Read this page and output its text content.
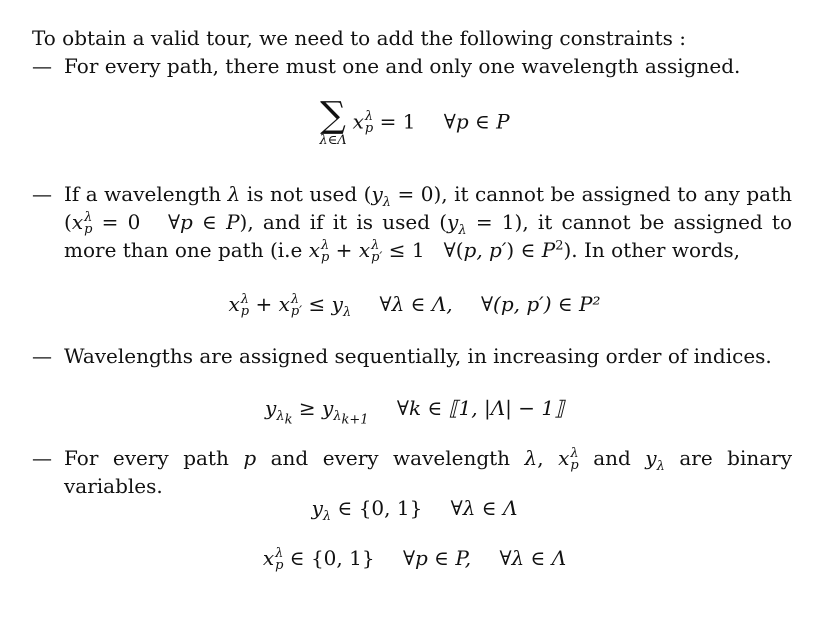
To obtain a valid tour, we need to add the following constraints :
— For every path, there must one and only one wavelength assigned.
∑
λ∈Λ
x λ
p = 1 ∀p ∈ P
— If a wavelength λ is not used $(y_\lambda = 0)$, it cannot be assigned to any path (x λ
p = 0   ∀p ∈ P), and if it is used $(y_\lambda = 1)$, it cannot be assigned to more than one path (i.e x λ
p + x λ
p′ ≤ 1   ∀(p, p′) ∈ $P^2$). In other words,
x λ
p + x λ
$p' \le y_\lambda$ ∀λ ∈ Λ, ∀(p, p′) ∈ P²
— Wavelengths are assigned sequentially, in increasing order of indices.
$y_{\lambda_k} \ge y_{\lambda_{k+1}}$ ∀k ∈ ⟦1, |Λ| − 1⟧
— For every path p and every wavelength λ, x λ
p and $y_\lambda$ are binary variables.
$y_\lambda$ ∈ {0, 1} ∀λ ∈ Λ
x λ
p ∈ {0, 1} ∀p ∈ P, ∀λ ∈ Λ
